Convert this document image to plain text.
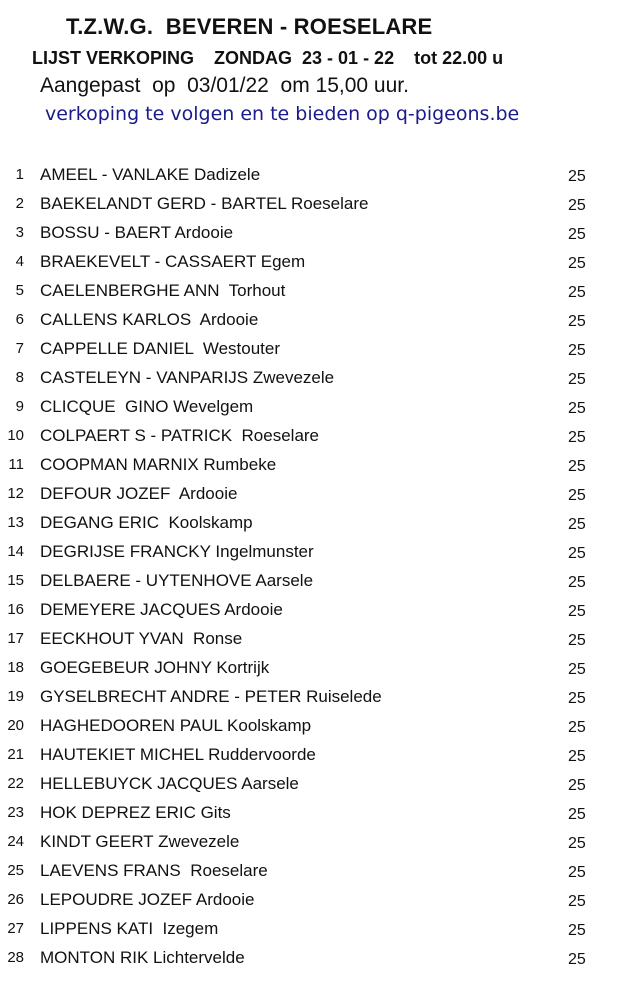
T.Z.W.G.  BEVEREN - ROESELARE
LIJST VERKOPING    ZONDAG  23 - 01 - 22    tot 22.00 u
Aangepast  op  03/01/22  om 15,00 uur.
verkoping te volgen en te bieden op q-pigeons.be
1 AMEEL - VANLAKE Dadizele	25
2 BAEKELANDT GERD - BARTEL Roeselare	25
3 BOSSU - BAERT Ardooie	25
4 BRAEKEVELT - CASSAERT Egem	25
5 CAELENBERGHE ANN  Torhout	25
6 CALLENS KARLOS  Ardooie	25
7 CAPPELLE DANIEL  Westouter	25
8 CASTELEYN - VANPARIJS Zwevezele	25
9 CLICQUE  GINO Wevelgem	25
10 COLPAERT S - PATRICK  Roeselare	25
11 COOPMAN MARNIX Rumbeke	25
12 DEFOUR JOZEF  Ardooie	25
13 DEGANG ERIC  Koolskamp	25
14 DEGRIJSE FRANCKY Ingelmunster	25
15 DELBAERE - UYTENHOVE Aarsele	25
16 DEMEYERE JACQUES Ardooie	25
17 EECKHOUT YVAN  Ronse	25
18 GOEGEBEUR JOHNY Kortrijk	25
19 GYSELBRECHT ANDRE - PETER Ruiselede	25
20 HAGHEDOOREN PAUL Koolskamp	25
21 HAUTEKIET MICHEL Ruddervoorde	25
22 HELLEBUYCK JACQUES Aarsele	25
23 HOK DEPREZ ERIC Gits	25
24 KINDT GEERT Zwevezele	25
25 LAEVENS FRANS  Roeselare	25
26 LEPOUDRE JOZEF Ardooie	25
27 LIPPENS KATI  Izegem	25
28 MONTON RIK Lichtervelde	25
